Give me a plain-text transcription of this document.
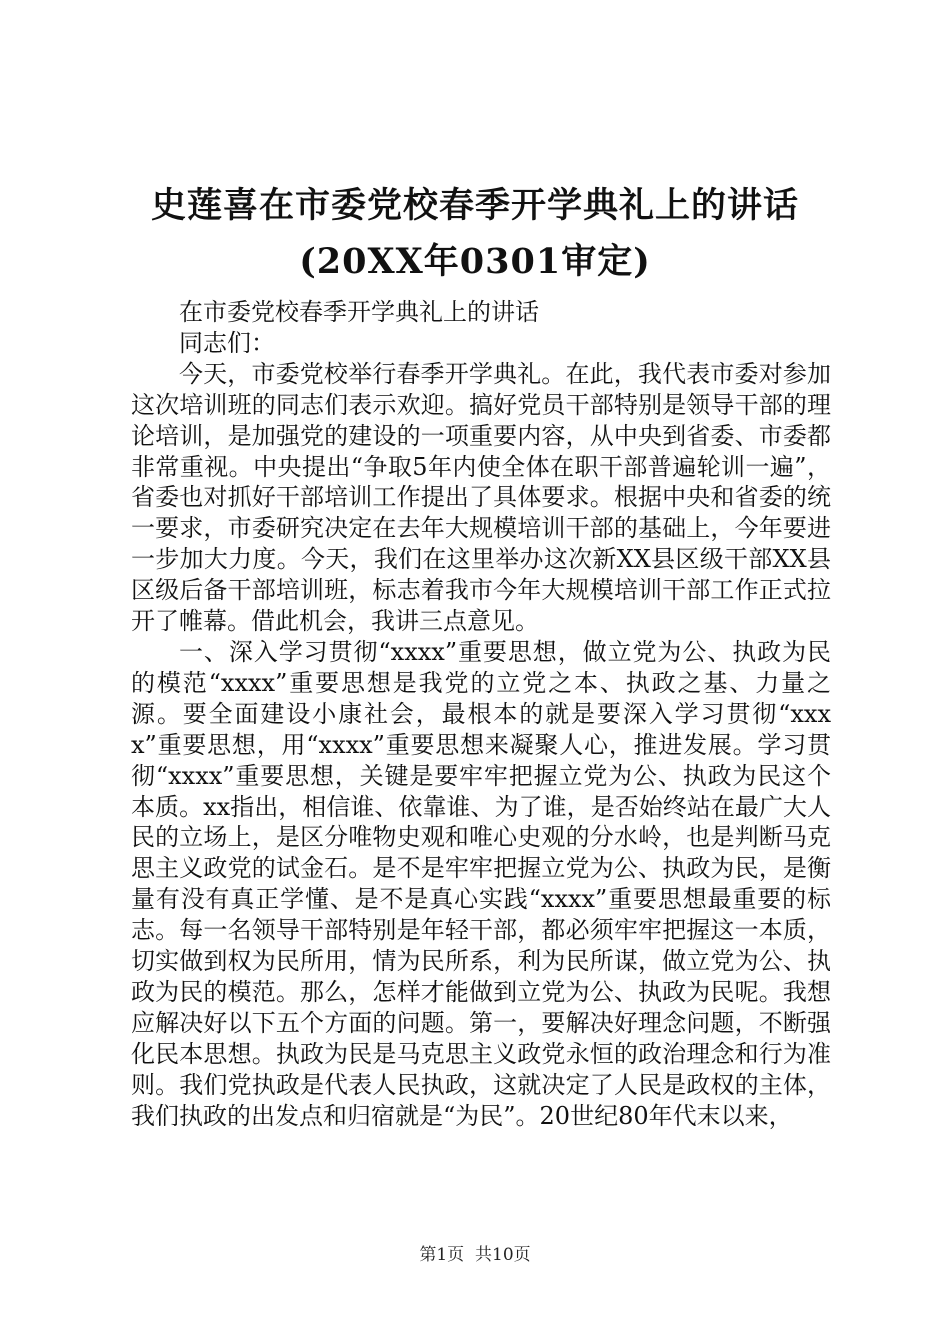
史莲喜在市委党校春季开学典礼上的讲话
(20XX年0301审定)

在市委党校春季开学典礼上的讲话

同志们：

今天，市委党校举行春季开学典礼。在此，我代表市委对参加这次培训班的同志们表示欢迎。搞好党员干部特别是领导干部的理论培训，是加强党的建设的一项重要内容，从中央到省委、市委都非常重视。中央提出“争取5年内使全体在职干部普遍轮训一遍”，省委也对抓好干部培训工作提出了具体要求。根据中央和省委的统一要求，市委研究决定在去年大规模培训干部的基础上，今年要进一步加大力度。今天，我们在这里举办这次新XX县区级干部XX县区级后备干部培训班，标志着我市今年大规模培训干部工作正式拉开了帷幕。借此机会，我讲三点意见。

一、深入学习贯彻“xxxx”重要思想，做立党为公、执政为民的模范“xxxx”重要思想是我党的立党之本、执政之基、力量之源。要全面建设小康社会，最根本的就是要深入学习贯彻“xxxx”重要思想，用“xxxx”重要思想来凝聚人心，推进发展。学习贯彻“xxxx”重要思想，关键是要牢牢把握立党为公、执政为民这个本质。xx指出，相信谁、依靠谁、为了谁，是否始终站在最广大人民的立场上，是区分唯物史观和唯心史观的分水岭，也是判断马克思主义政党的试金石。是不是牢牢把握立党为公、执政为民，是衡量有没有真正学懂、是不是真心实践“xxxx”重要思想最重要的标志。每一名领导干部特别是年轻干部，都必须牢牢把握这一本质，切实做到权为民所用，情为民所系，利为民所谋，做立党为公、执政为民的模范。那么，怎样才能做到立党为公、执政为民呢。我想应解决好以下五个方面的问题。第一，要解决好理念问题，不断强化民本思想。执政为民是马克思主义政党永恒的政治理念和行为准则。我们党执政是代表人民执政，这就决定了人民是政权的主体，我们执政的出发点和归宿就是“为民”。20世纪80年代末以来，

第1页 共10页
